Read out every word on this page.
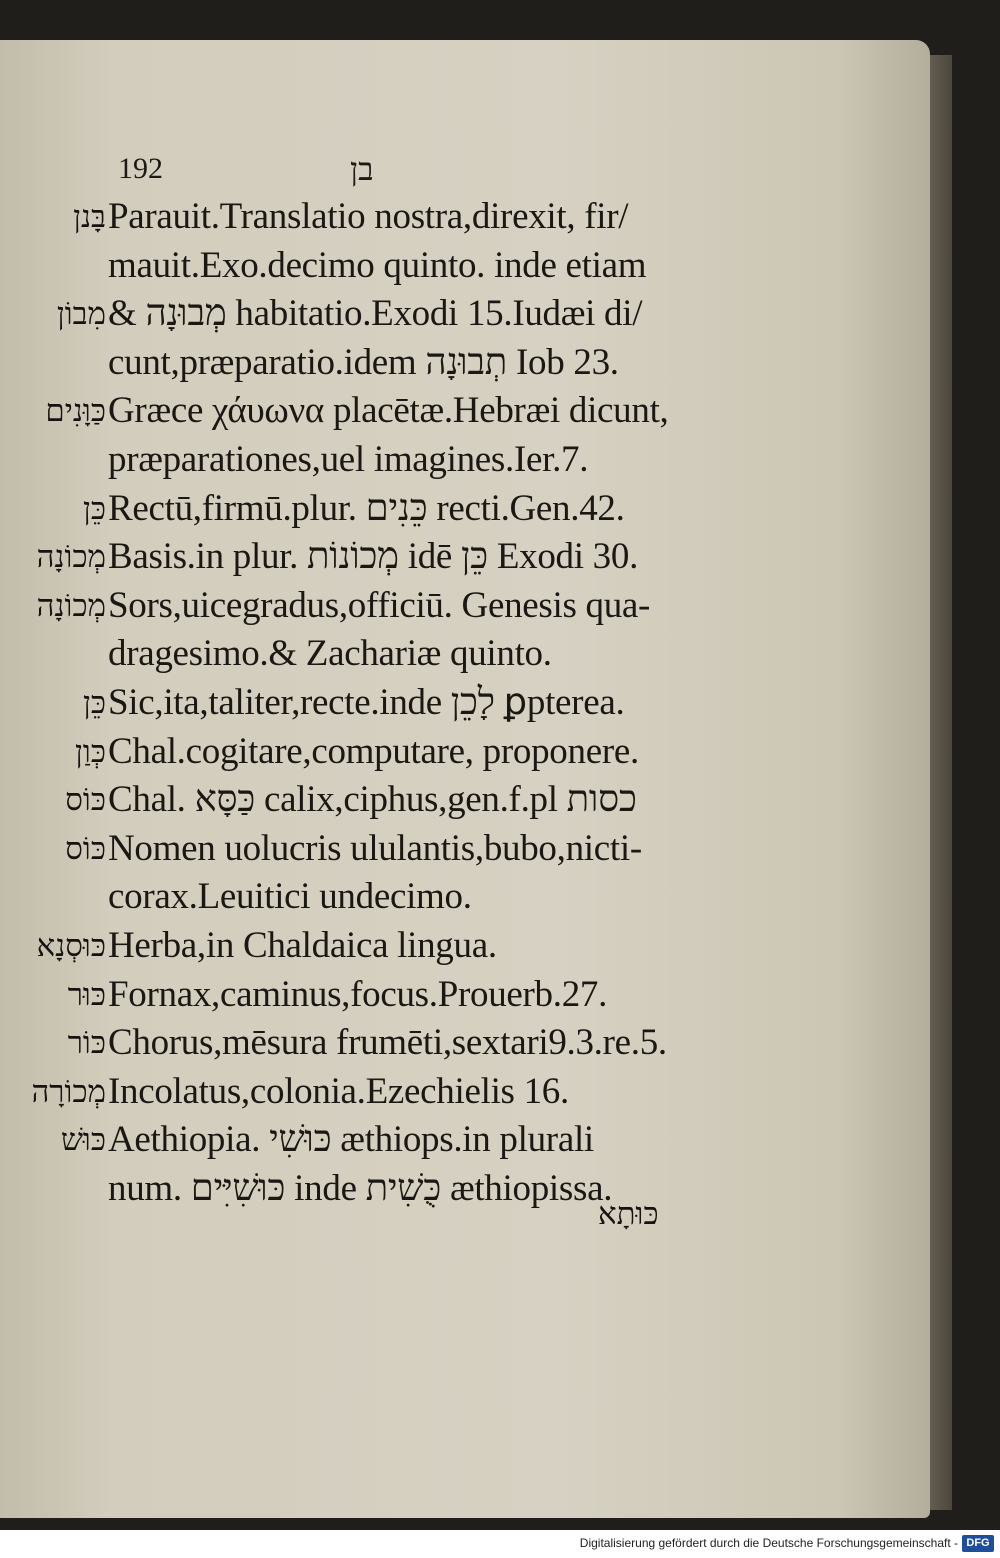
192	בן
בָּנן Parauit.Translatio nostra,direxit, fir/
mauit.Exo.decimo quinto. inde etiam
מִבוֹן & מְבוּנָה habitatio.Exodi 15.Iudæi di/
cunt,præparatio.idem תְבוּנָה Iob 23.
כַּוָּנִים Græce χάυωνα placētæ.Hebræi dicunt,
præparationes,uel imagines.Ier.7.
כֵּן Rectū,firmū.plur. כֵּנִים recti.Gen.42.
מְכוֹנָה Basis.in plur. מְכוֹנוֹת idē כֵּן Exodi 30.
מְכוֹנָה Sors,uicegradus,officiū. Genesis qua-
dragesimo.& Zachariæ quinto.
כֵּן Sic,ita,taliter,recte.inde לָכֵן ꝑpterea.
כְּוַן Chal.cogitare,computare, proponere.
כּוֹס Chal. כַּסָּא calix,ciphus,gen.f.pl כסות
כּוֹס Nomen uolucris ululantis,bubo,nicti-
corax.Leuitici undecimo.
כּוּסְנָא Herba,in Chaldaica lingua.
כּוּר Fornax,caminus,focus.Prouerb.27.
כּוֹר Chorus,mēsura frumēti,sextari9.3.re.5.
מְכוֹרָה Incolatus,colonia.Ezechielis 16.
כּוּשׁ Aethiopia. כּוּשִׁי æthiops.in plurali
num. כּוּשִׁיִּים inde כֻּשִׁית æthiopissa.
כּוּתָא
Digitalisierung gefördert durch die Deutsche Forschungsgemeinschaft - DFG
